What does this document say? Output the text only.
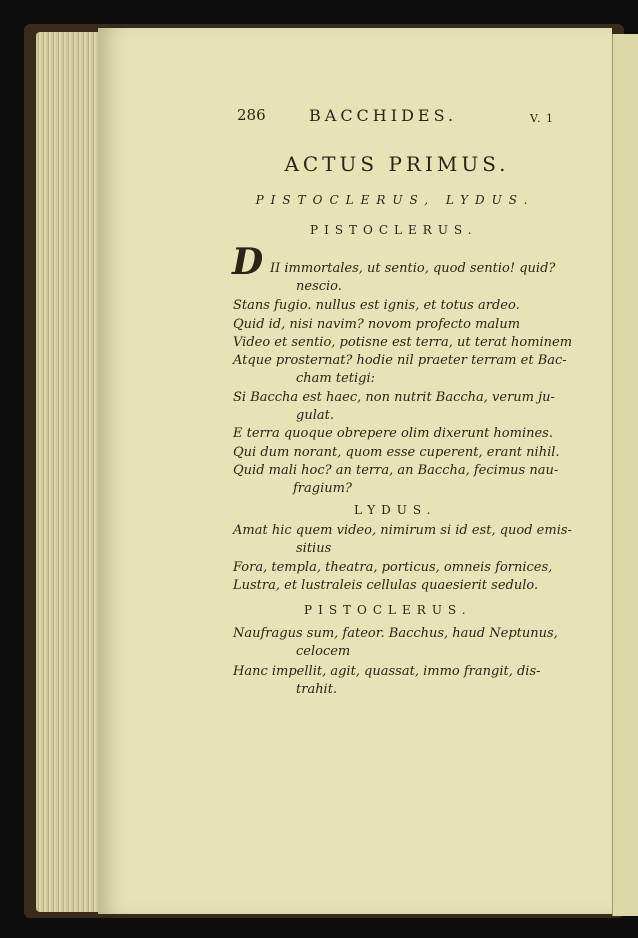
286	BACCHIDES.	V. 1
ACTUS PRIMUS.
PISTOCLERUS, LYDUS.
PISTOCLERUS.
D II immortales, ut sentio, quod sentio! quid?
nescio.
Stans fugio. nullus est ignis, et totus ardeo.
Quid id, nisi navim? novom profecto malum
Video et sentio, potisne est terra, ut terat hominem
Atque prosternat? hodie nil praeter terram et Bac-
cham tetigi:
Si Baccha est haec, non nutrit Baccha, verum ju-
gulat.
E terra quoque obrepere olim dixerunt homines.
Qui dum norant, quom esse cuperent, erant nihil.
Quid mali hoc? an terra, an Baccha, fecimus nau-
fragium?
LYDUS.
Amat hic quem video, nimirum si id est, quod emis-
sitius
Fora, templa, theatra, porticus, omneis fornices,
Lustra, et lustraleis cellulas quaesierit sedulo.
PISTOCLERUS.
Naufragus sum, fateor. Bacchus, haud Neptunus,
celocem
Hanc impellit, agit, quassat, immo frangit, dis-
trahit.
